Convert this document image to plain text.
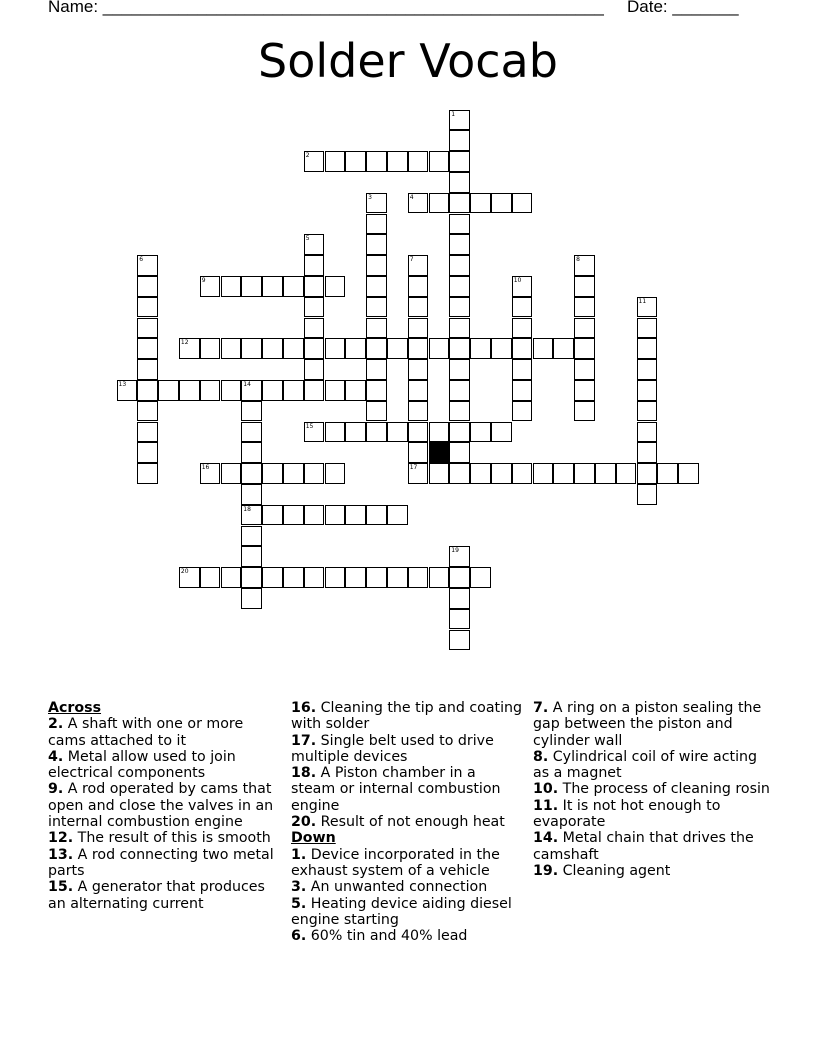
Name: _____________________________________________________ Date: _______
Solder Vocab
1
2
3	4
5
6	7
17
8
9	10
11
12
13	14
18
15
16
19
20
Across
2. A shaft with one or more cams attached to it
4. Metal allow used to join electrical components
9. A rod operated by cams that open and close the valves in an internal combustion engine
12. The result of this is smooth
13. A rod connecting two metal parts
15. A generator that produces an alternating current
16. Cleaning the tip and coating with solder
17. Single belt used to drive multiple devices
18. A Piston chamber in a steam or internal combustion engine
20. Result of not enough heat
Down
1. Device incorporated in the exhaust system of a vehicle
3. An unwanted connection
5. Heating device aiding diesel engine starting
6. 60% tin and 40% lead
7. A ring on a piston sealing the gap between the piston and cylinder wall
8. Cylindrical coil of wire acting as a magnet
10. The process of cleaning rosin
11. It is not hot enough to evaporate
14. Metal chain that drives the camshaft
19. Cleaning agent
